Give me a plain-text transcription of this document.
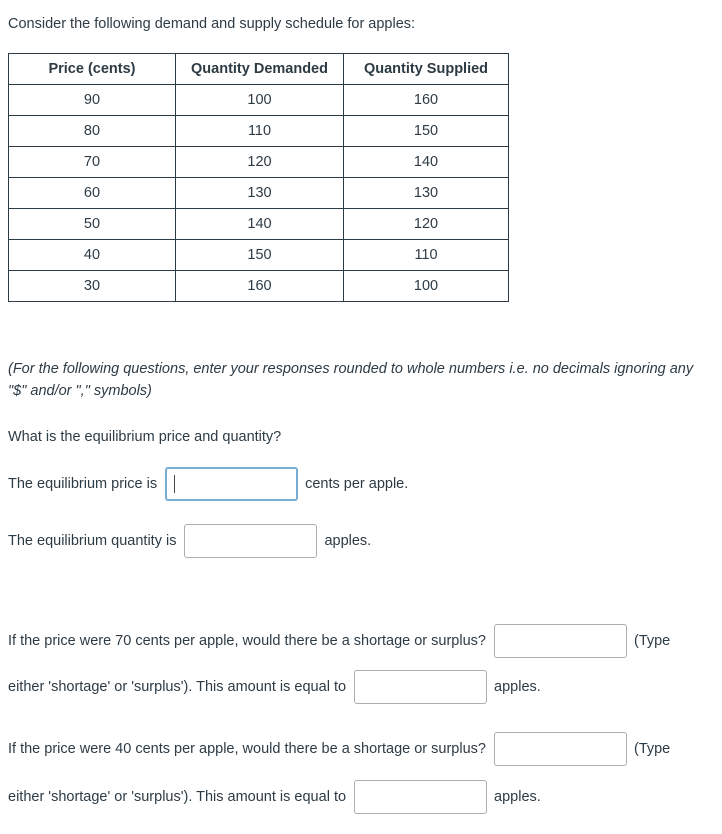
Consider the following demand and supply schedule for apples:

Price (cents)	Quantity Demanded	Quantity Supplied
90	100	160
80	110	150
70	120	140
60	130	130
50	140	120
40	150	110
30	160	100

(For the following questions, enter your responses rounded to whole numbers i.e. no decimals ignoring any "$" and/or "," symbols)

What is the equilibrium price and quantity?

The equilibrium price is	cents per apple.
The equilibrium quantity is	apples.
If the price were 70 cents per apple, would there be a shortage or surplus?	(Type
either 'shortage' or 'surplus'). This amount is equal to	apples.
If the price were 40 cents per apple, would there be a shortage or surplus?	(Type
either 'shortage' or 'surplus'). This amount is equal to	apples.
